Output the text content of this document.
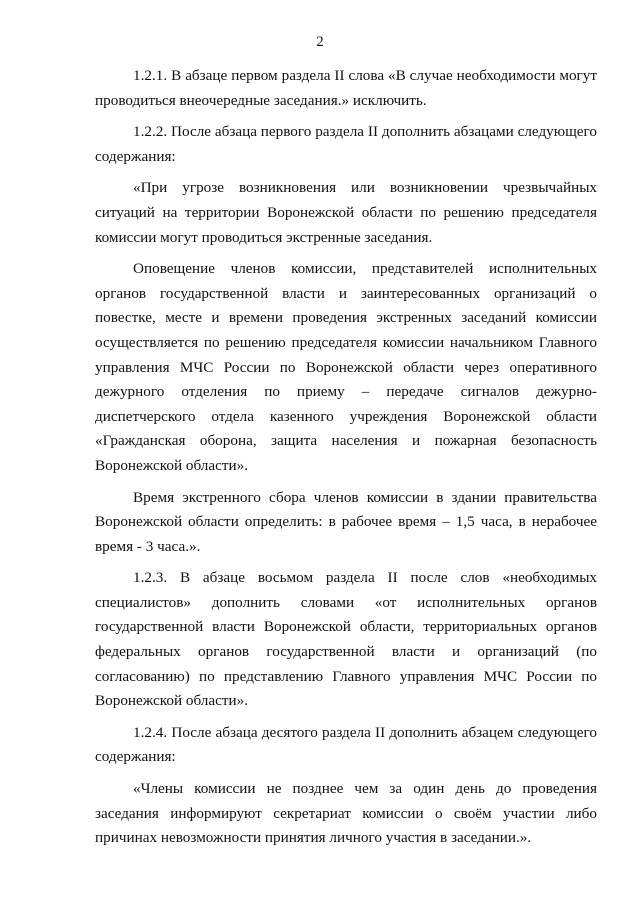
2

1.2.1. В абзаце первом раздела II слова «В случае необходимости могут проводиться внеочередные заседания.» исключить.

1.2.2. После абзаца первого раздела II дополнить абзацами следующего содержания:

«При угрозе возникновения или возникновении чрезвычайных ситуаций на территории Воронежской области по решению председателя комиссии могут проводиться экстренные заседания.

Оповещение членов комиссии, представителей исполнительных органов государственной власти и заинтересованных организаций о повестке, месте и времени проведения экстренных заседаний комиссии осуществляется по решению председателя комиссии начальником Главного управления МЧС России по Воронежской области через оперативного дежурного отделения по приему – передаче сигналов дежурно-диспетчерского отдела казенного учреждения Воронежской области «Гражданская оборона, защита населения и пожарная безопасность Воронежской области».

Время экстренного сбора членов комиссии в здании правительства Воронежской области определить: в рабочее время – 1,5 часа, в нерабочее время - 3 часа.».

1.2.3. В абзаце восьмом раздела II после слов «необходимых специалистов» дополнить словами «от исполнительных органов государственной власти Воронежской области, территориальных органов федеральных органов государственной власти и организаций (по согласованию) по представлению Главного управления МЧС России по Воронежской области».

1.2.4. После абзаца десятого раздела II дополнить абзацем следующего содержания:

«Члены комиссии не позднее чем за один день до проведения заседания информируют секретариат комиссии о своём участии либо причинах невозможности принятия личного участия в заседании.».
